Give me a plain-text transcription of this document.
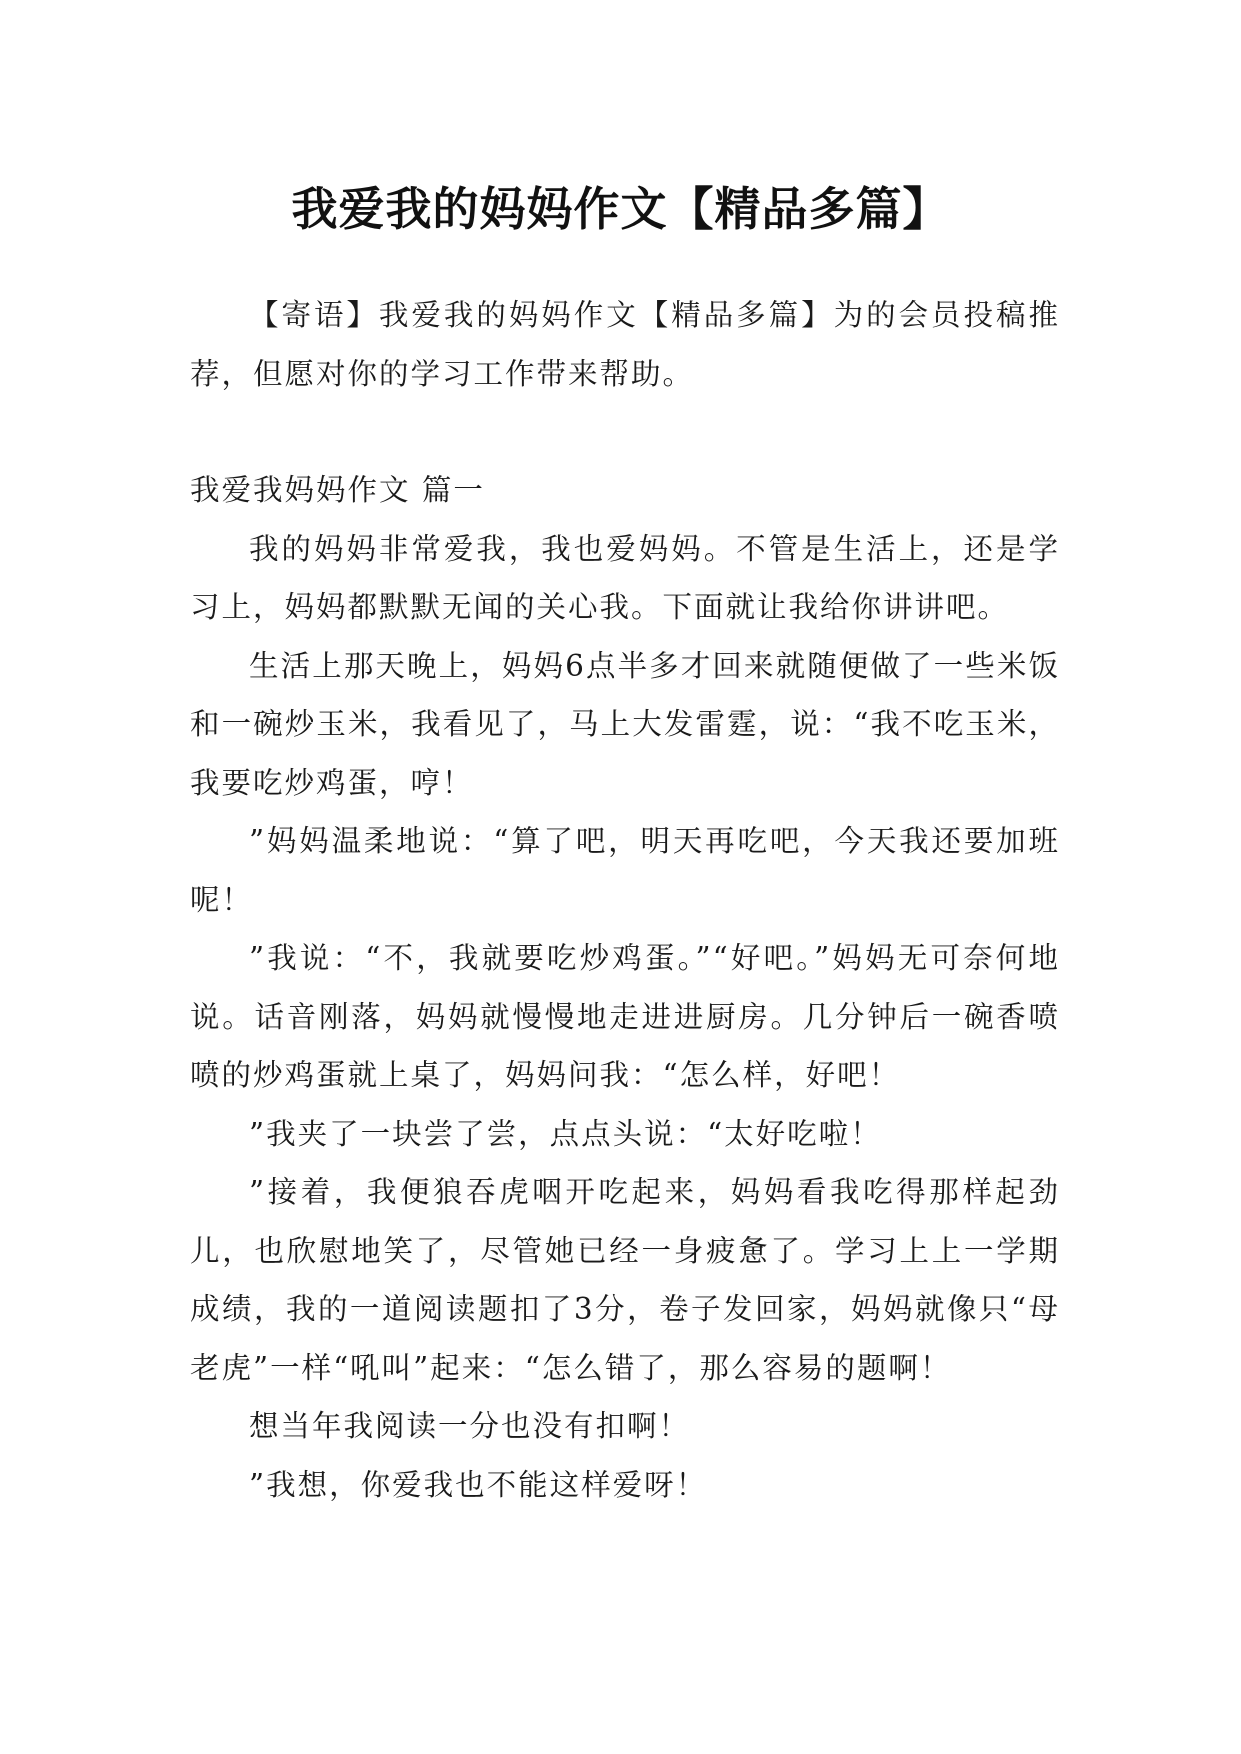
我爱我的妈妈作文【精品多篇】

【寄语】我爱我的妈妈作文【精品多篇】为的会员投稿推荐，但愿对你的学习工作带来帮助。

我爱我妈妈作文 篇一

我的妈妈非常爱我，我也爱妈妈。不管是生活上，还是学习上，妈妈都默默无闻的关心我。下面就让我给你讲讲吧。

生活上那天晚上，妈妈6点半多才回来就随便做了一些米饭和一碗炒玉米，我看见了，马上大发雷霆，说：“我不吃玉米，我要吃炒鸡蛋，哼！

”妈妈温柔地说：“算了吧，明天再吃吧，今天我还要加班呢！

”我说：“不，我就要吃炒鸡蛋。”“好吧。”妈妈无可奈何地说。话音刚落，妈妈就慢慢地走进进厨房。几分钟后一碗香喷喷的炒鸡蛋就上桌了，妈妈问我：“怎么样，好吧！

”我夹了一块尝了尝，点点头说：“太好吃啦！

”接着，我便狼吞虎咽开吃起来，妈妈看我吃得那样起劲儿，也欣慰地笑了，尽管她已经一身疲惫了。学习上上一学期成绩，我的一道阅读题扣了3分，卷子发回家，妈妈就像只“母老虎”一样“吼叫”起来：“怎么错了，那么容易的题啊！

想当年我阅读一分也没有扣啊！

”我想，你爱我也不能这样爱呀！
